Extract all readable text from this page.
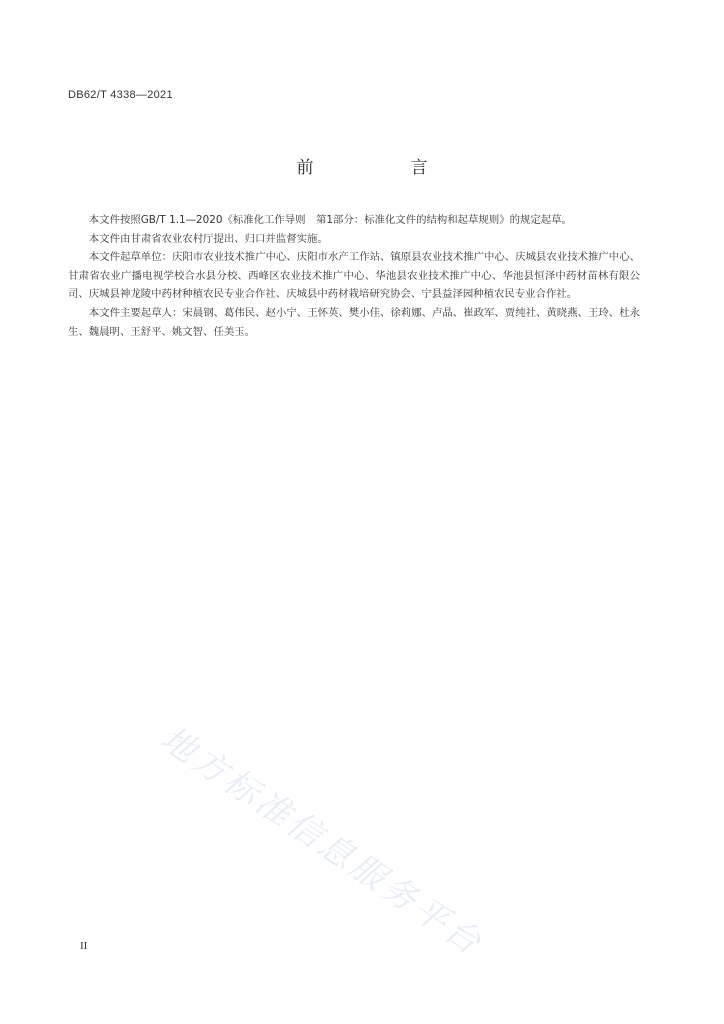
DB62/T 4338—2021
前　言

本文件按照GB/T 1.1—2020《标准化工作导则　第1部分：标准化文件的结构和起草规则》的规定起草。

本文件由甘肃省农业农村厅提出、归口并监督实施。

本文件起草单位：庆阳市农业技术推广中心、庆阳市水产工作站、镇原县农业技术推广中心、庆城县农业技术推广中心、甘肃省农业广播电视学校合水县分校、西峰区农业技术推广中心、华池县农业技术推广中心、华池县恒泽中药材苗林有限公司、庆城县神龙陵中药材种植农民专业合作社、庆城县中药材栽培研究协会、宁县益泽园种植农民专业合作社。

本文件主要起草人：宋晨钢、葛伟民、赵小宁、王怀英、樊小佳、徐莉娜、卢晶、崔政军、贾纯社、黄晓燕、王玲、杜永生、魏晨明、王舒平、姚文智、任美玉。

地方标准信息服务平台
II
